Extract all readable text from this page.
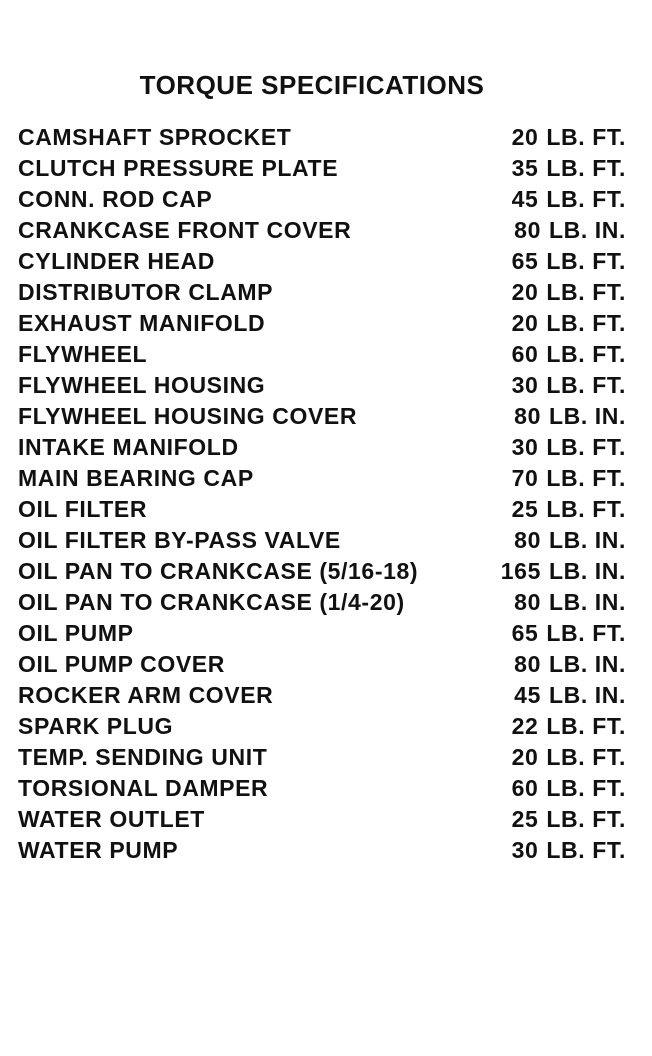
TORQUE SPECIFICATIONS
CAMSHAFT SPROCKET	20 LB. FT.
CLUTCH PRESSURE PLATE	35 LB. FT.
CONN. ROD CAP	45 LB. FT.
CRANKCASE FRONT COVER	80 LB. IN.
CYLINDER HEAD	65 LB. FT.
DISTRIBUTOR CLAMP	20 LB. FT.
EXHAUST MANIFOLD	20 LB. FT.
FLYWHEEL	60 LB. FT.
FLYWHEEL HOUSING	30 LB. FT.
FLYWHEEL HOUSING COVER	80 LB. IN.
INTAKE MANIFOLD	30 LB. FT.
MAIN BEARING CAP	70 LB. FT.
OIL FILTER	25 LB. FT.
OIL FILTER BY-PASS VALVE	80 LB. IN.
OIL PAN TO CRANKCASE (5/16-18)	165 LB. IN.
OIL PAN TO CRANKCASE (1/4-20)	80 LB. IN.
OIL PUMP	65 LB. FT.
OIL PUMP COVER	80 LB. IN.
ROCKER ARM COVER	45 LB. IN.
SPARK PLUG	22 LB. FT.
TEMP. SENDING UNIT	20 LB. FT.
TORSIONAL DAMPER	60 LB. FT.
WATER OUTLET	25 LB. FT.
WATER PUMP	30 LB. FT.
